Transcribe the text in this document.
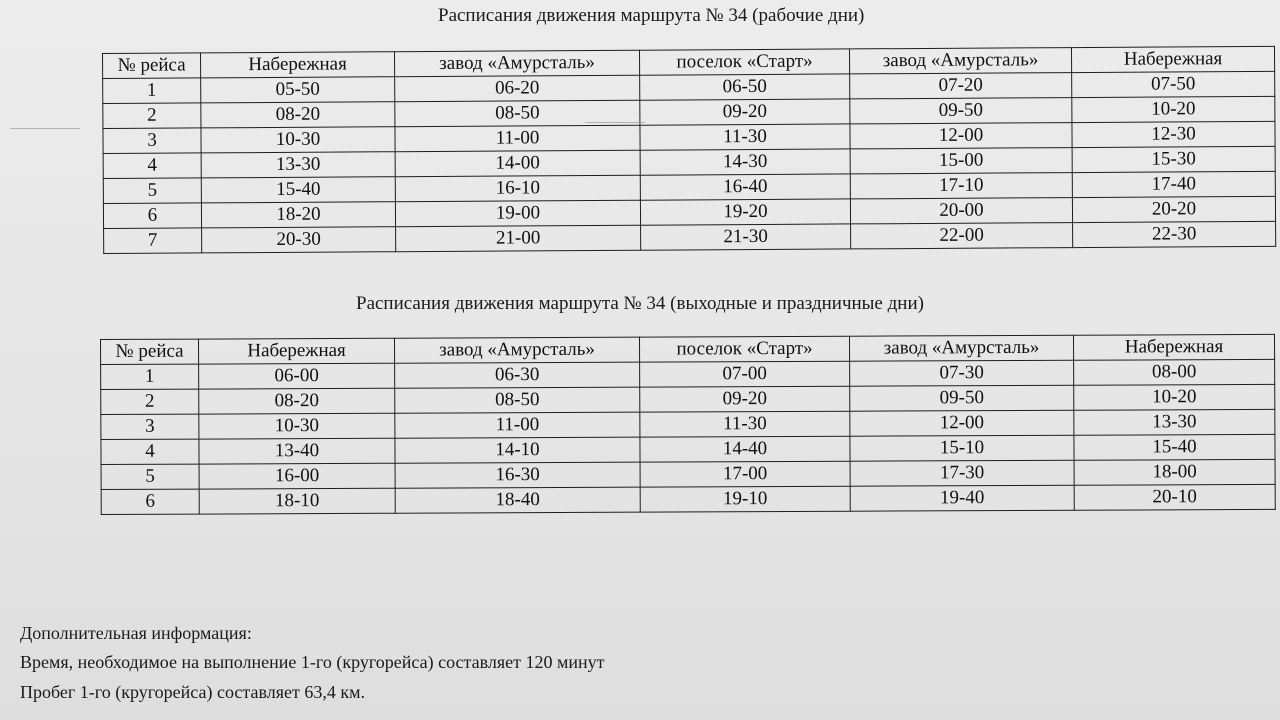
Расписания движения маршрута № 34 (рабочие дни)
№ рейса	Набережная	завод «Амурсталь»	поселок «Старт»	завод «Амурсталь»	Набережная
1	05-50	06-20	06-50	07-20	07-50
2	08-20	08-50	09-20	09-50	10-20
3	10-30	11-00	11-30	12-00	12-30
4	13-30	14-00	14-30	15-00	15-30
5	15-40	16-10	16-40	17-10	17-40
6	18-20	19-00	19-20	20-00	20-20
7	20-30	21-00	21-30	22-00	22-30
Расписания движения маршрута № 34 (выходные и праздничные дни)
№ рейса	Набережная	завод «Амурсталь»	поселок «Старт»	завод «Амурсталь»	Набережная
1	06-00	06-30	07-00	07-30	08-00
2	08-20	08-50	09-20	09-50	10-20
3	10-30	11-00	11-30	12-00	13-30
4	13-40	14-10	14-40	15-10	15-40
5	16-00	16-30	17-00	17-30	18-00
6	18-10	18-40	19-10	19-40	20-10
Дополнительная информация:
Время, необходимое на выполнение 1-го (кругорейса) составляет 120 минут
Пробег 1-го (кругорейса) составляет 63,4 км.
